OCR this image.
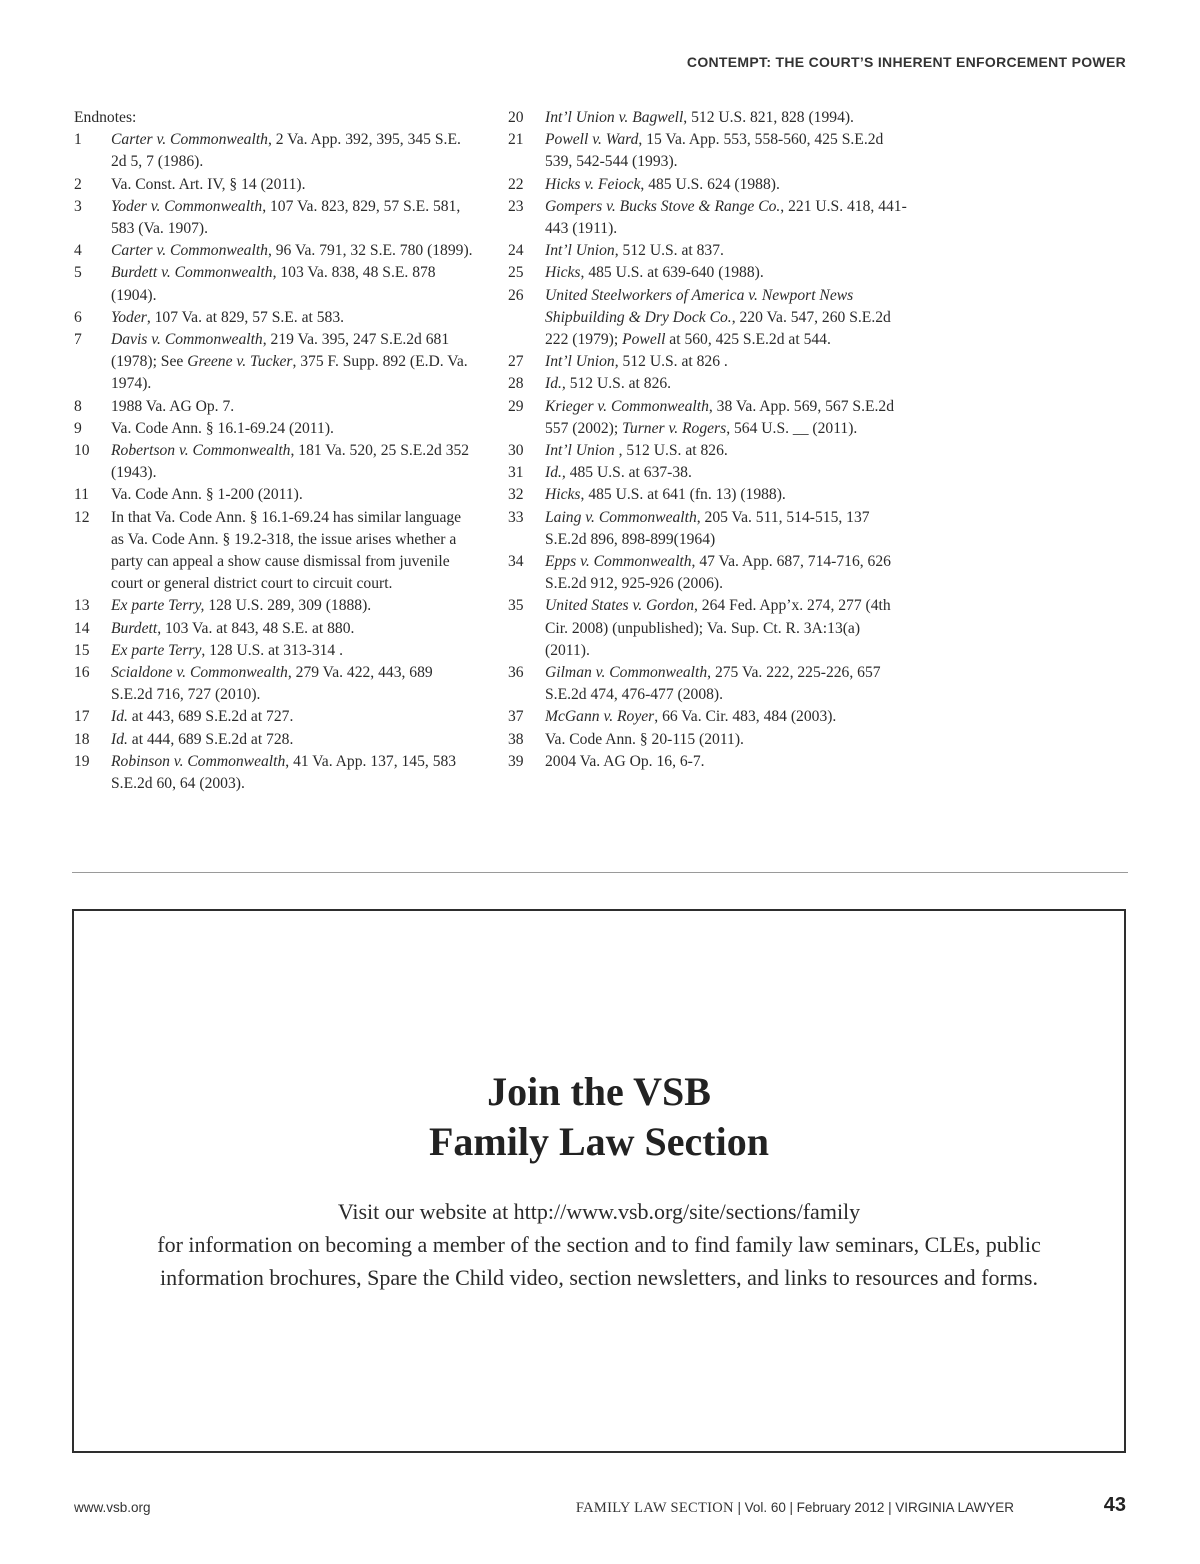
CONTEMPT: THE COURT’S INHERENT ENFORCEMENT POWER
Endnotes:
1	Carter v. Commonwealth, 2 Va. App. 392, 395, 345 S.E. 2d 5, 7 (1986).
2	Va. Const. Art. IV, § 14 (2011).
3	Yoder v. Commonwealth, 107 Va. 823, 829, 57 S.E. 581, 583 (Va. 1907).
4	Carter v. Commonwealth, 96 Va. 791, 32 S.E. 780 (1899).
5	Burdett v. Commonwealth, 103 Va. 838, 48 S.E. 878 (1904).
6	Yoder, 107 Va. at 829, 57 S.E. at 583.
7	Davis v. Commonwealth, 219 Va. 395, 247 S.E.2d 681 (1978); See Greene v. Tucker, 375 F. Supp. 892 (E.D. Va. 1974).
8	1988 Va. AG Op. 7.
9	Va. Code Ann. § 16.1-69.24 (2011).
10	Robertson v. Commonwealth, 181 Va. 520, 25 S.E.2d 352 (1943).
11	Va. Code Ann. § 1-200 (2011).
12	In that Va. Code Ann. § 16.1-69.24 has similar language as Va. Code Ann. § 19.2-318, the issue arises whether a party can appeal a show cause dismissal from juvenile court or general district court to circuit court.
13	Ex parte Terry, 128 U.S. 289, 309 (1888).
14	Burdett, 103 Va. at 843, 48 S.E. at 880.
15	Ex parte Terry, 128 U.S. at 313-314 .
16	Scialdone v. Commonwealth, 279 Va. 422, 443, 689 S.E.2d 716, 727 (2010).
17	Id. at 443, 689 S.E.2d at 727.
18	Id. at 444, 689 S.E.2d at 728.
19	Robinson v. Commonwealth, 41 Va. App. 137, 145, 583 S.E.2d 60, 64 (2003).
20	Int’l Union v. Bagwell, 512 U.S. 821, 828 (1994).
21	Powell v. Ward, 15 Va. App. 553, 558-560, 425 S.E.2d 539, 542-544 (1993).
22	Hicks v. Feiock, 485 U.S. 624 (1988).
23	Gompers v. Bucks Stove & Range Co., 221 U.S. 418, 441-443 (1911).
24	Int’l Union, 512 U.S. at 837.
25	Hicks, 485 U.S. at 639-640 (1988).
26	United Steelworkers of America v. Newport News Shipbuilding & Dry Dock Co., 220 Va. 547, 260 S.E.2d 222 (1979); Powell at 560, 425 S.E.2d at 544.
27	Int’l Union, 512 U.S. at 826 .
28	Id., 512 U.S. at 826.
29	Krieger v. Commonwealth, 38 Va. App. 569, 567 S.E.2d 557 (2002); Turner v. Rogers, 564 U.S. __ (2011).
30	Int’l Union , 512 U.S. at 826.
31	Id., 485 U.S. at 637-38.
32	Hicks, 485 U.S. at 641 (fn. 13) (1988).
33	Laing v. Commonwealth, 205 Va. 511, 514-515, 137 S.E.2d 896, 898-899(1964)
34	Epps v. Commonwealth, 47 Va. App. 687, 714-716, 626 S.E.2d 912, 925-926 (2006).
35	United States v. Gordon, 264 Fed. App’x. 274, 277 (4th Cir. 2008) (unpublished); Va. Sup. Ct. R. 3A:13(a) (2011).
36	Gilman v. Commonwealth, 275 Va. 222, 225-226, 657 S.E.2d 474, 476-477 (2008).
37	McGann v. Royer, 66 Va. Cir. 483, 484 (2003).
38	Va. Code Ann. § 20-115 (2011).
39	2004 Va. AG Op. 16, 6-7.
Join the VSB
Family Law Section
Visit our website at http://www.vsb.org/site/sections/family
for information on becoming a member of the section and to find family law seminars, CLEs, public
information brochures, Spare the Child video, section newsletters, and links to resources and forms.
www.vsb.org	FAMILY LAW SECTION | Vol. 60 | February 2012 | VIRGINIA LAWYER	43
